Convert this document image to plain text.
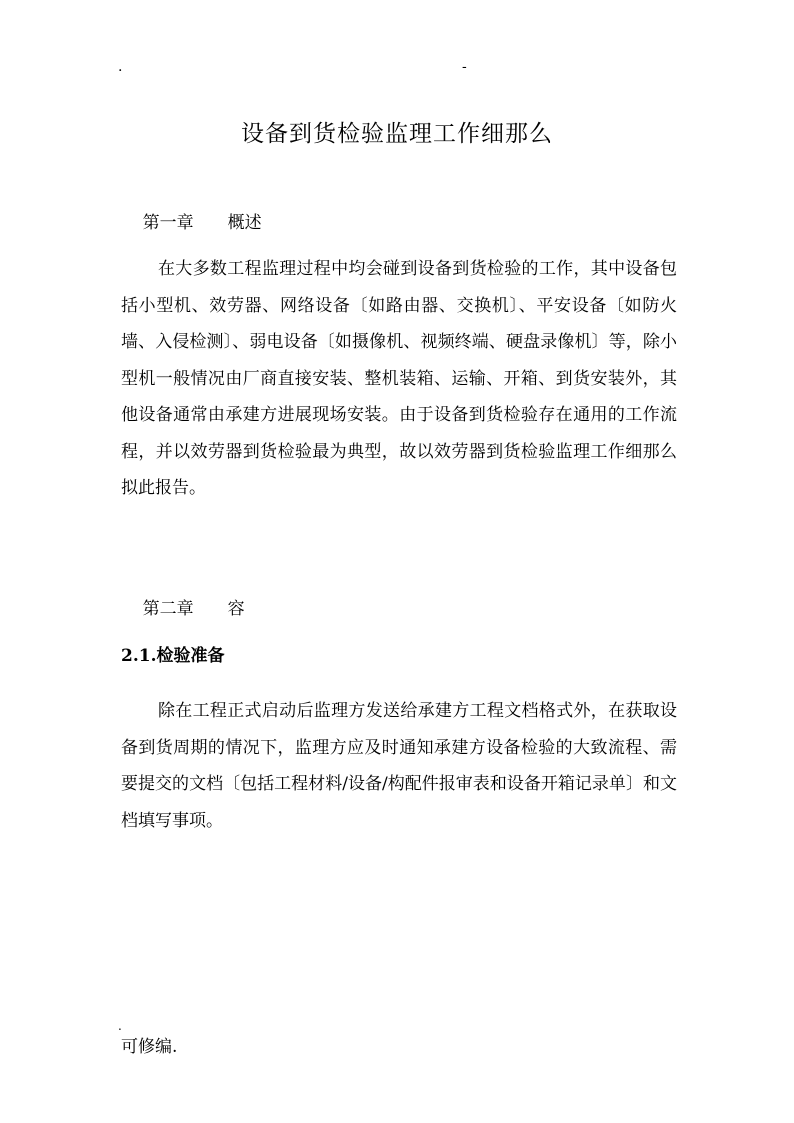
.	-
设备到货检验监理工作细那么

第一章 概述

在大多数工程监理过程中均会碰到设备到货检验的工作，其中设备包括小型机、效劳器、网络设备〔如路由器、交换机〕、平安设备〔如防火墙、入侵检测〕、弱电设备〔如摄像机、视频终端、硬盘录像机〕等，除小型机一般情况由厂商直接安装、整机装箱、运输、开箱、到货安装外，其他设备通常由承建方进展现场安装。由于设备到货检验存在通用的工作流程，并以效劳器到货检验最为典型，故以效劳器到货检验监理工作细那么拟此报告。

第二章 容

2.1.检验准备
除在工程正式启动后监理方发送给承建方工程文档格式外，在获取设备到货周期的情况下，监理方应及时通知承建方设备检验的大致流程、需要提交的文档〔包括工程材料/设备/构配件报审表和设备开箱记录单〕和文档填写事项。
.
可修编.
